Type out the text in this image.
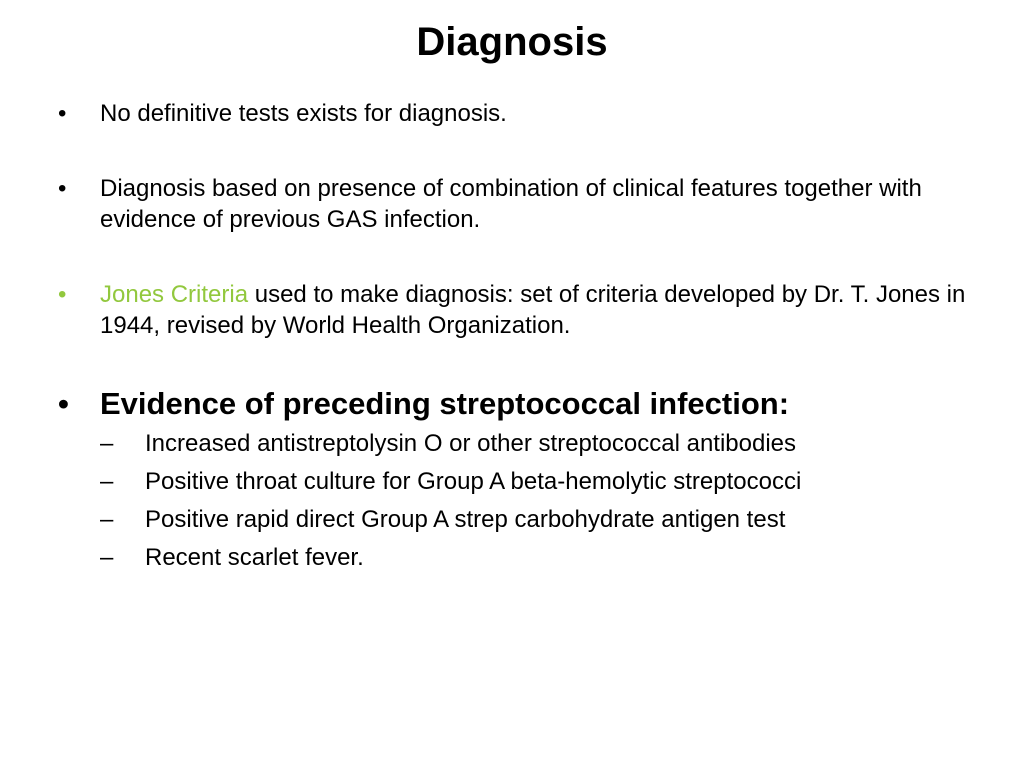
Diagnosis
•	No definitive tests exists for diagnosis.
•	Diagnosis based on presence of combination of clinical features together with evidence of previous GAS infection.
•	Jones Criteria used to make diagnosis: set of criteria developed by Dr. T. Jones in 1944, revised by World Health Organization.
• Evidence of preceding streptococcal infection:
–	Increased antistreptolysin O or other streptococcal antibodies
–	Positive throat culture for Group A beta-hemolytic streptococci
–	Positive rapid direct Group A strep carbohydrate antigen test
–	Recent scarlet fever.
